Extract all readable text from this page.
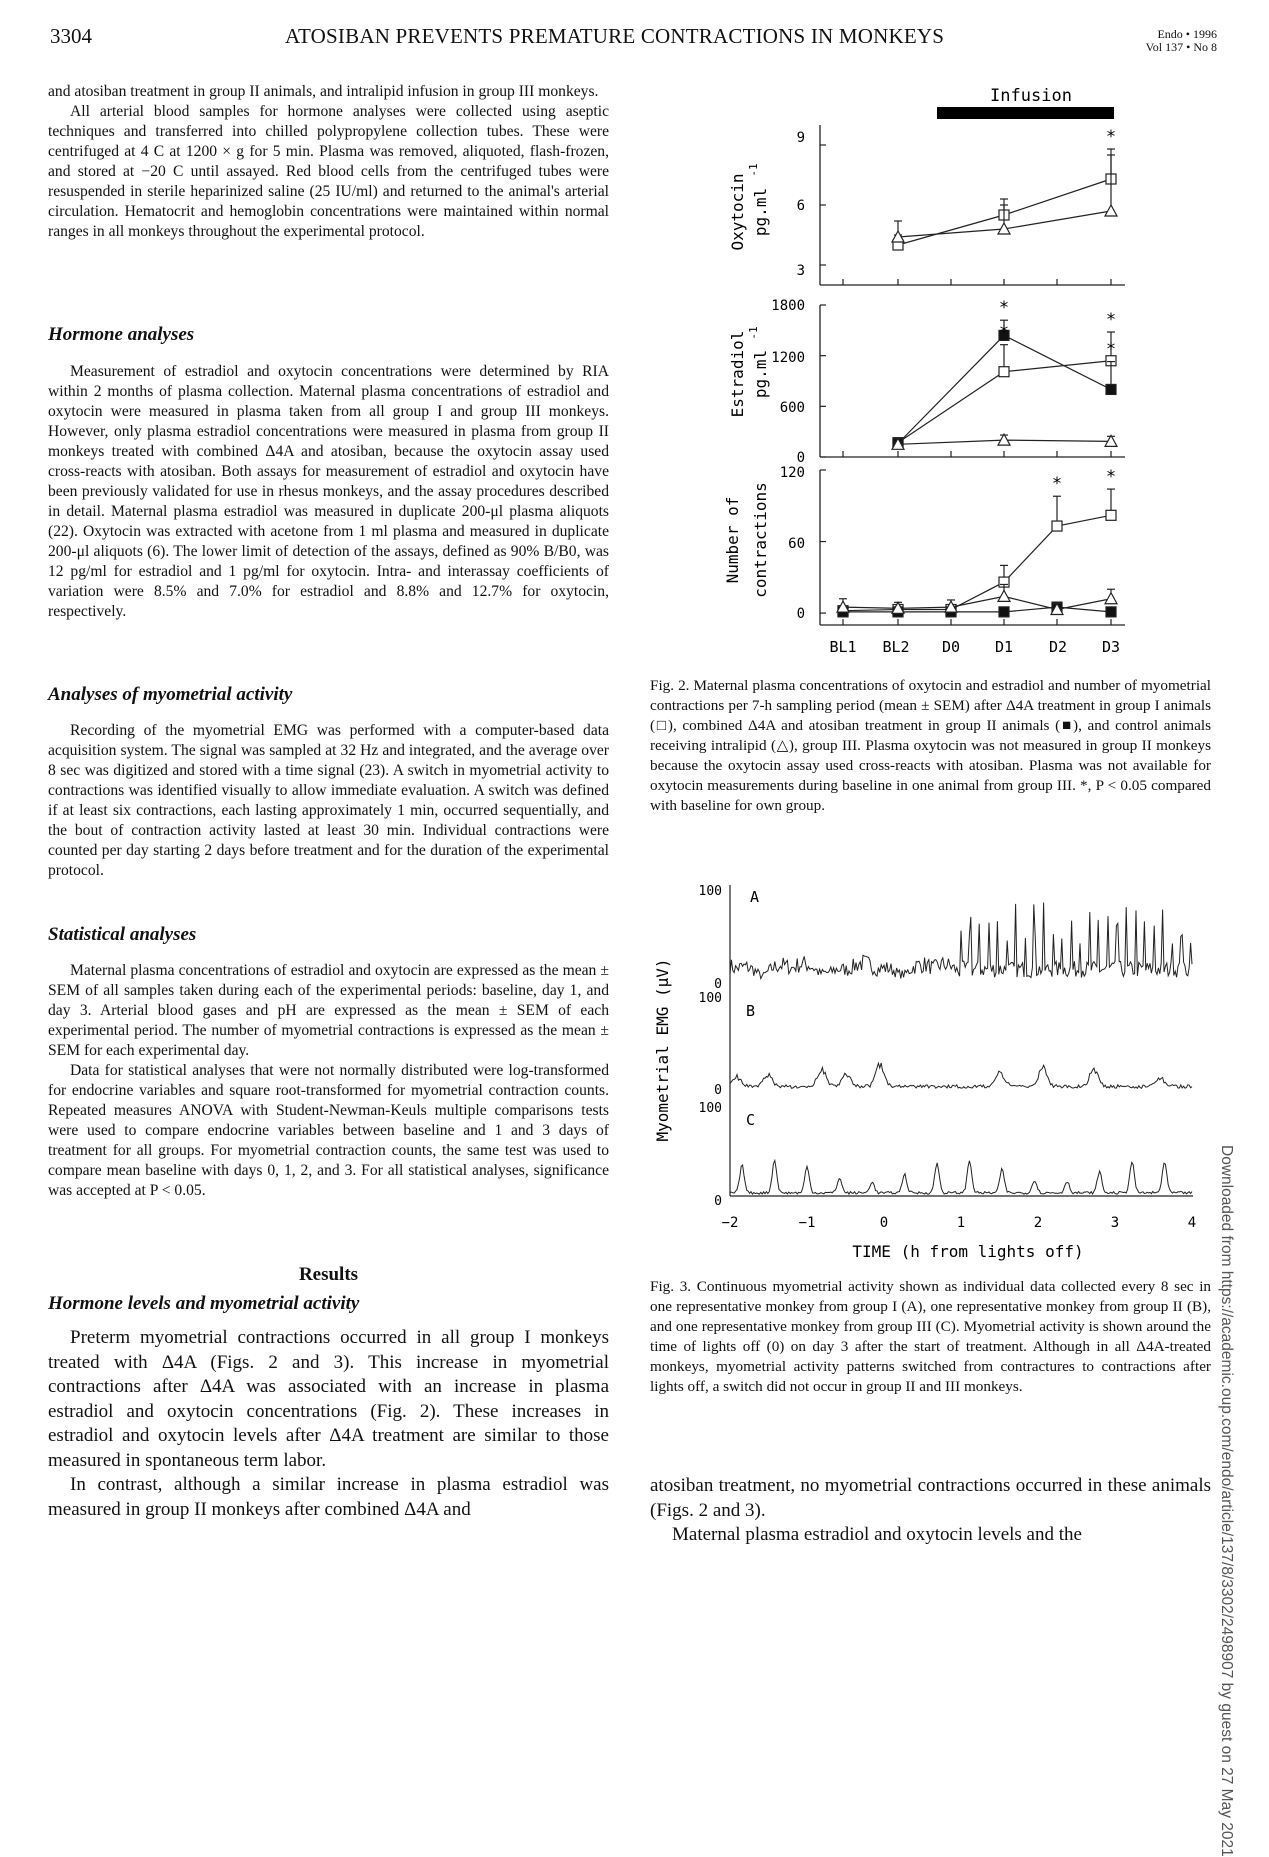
3304	ATOSIBAN PREVENTS PREMATURE CONTRACTIONS IN MONKEYS	Endo • 1996
Vol 137 • No 8

and atosiban treatment in group II animals, and intralipid infusion in group III monkeys.

All arterial blood samples for hormone analyses were collected using aseptic techniques and transferred into chilled polypropylene collection tubes. These were centrifuged at 4 C at 1200 × g for 5 min. Plasma was removed, aliquoted, flash-frozen, and stored at −20 C until assayed. Red blood cells from the centrifuged tubes were resuspended in sterile heparinized saline (25 IU/ml) and returned to the animal's arterial circulation. Hematocrit and hemoglobin concentrations were maintained within normal ranges in all monkeys throughout the experimental protocol.

Hormone analyses

Measurement of estradiol and oxytocin concentrations were determined by RIA within 2 months of plasma collection. Maternal plasma concentrations of estradiol and oxytocin were measured in plasma taken from all group I and group III monkeys. However, only plasma estradiol concentrations were measured in plasma from group II monkeys treated with combined Δ4A and atosiban, because the oxytocin assay used cross-reacts with atosiban. Both assays for measurement of estradiol and oxytocin have been previously validated for use in rhesus monkeys, and the assay procedures described in detail. Maternal plasma estradiol was measured in duplicate 200-μl plasma aliquots (22). Oxytocin was extracted with acetone from 1 ml plasma and measured in duplicate 200-μl aliquots (6). The lower limit of detection of the assays, defined as 90% B/B0, was 12 pg/ml for estradiol and 1 pg/ml for oxytocin. Intra- and interassay coefficients of variation were 8.5% and 7.0% for estradiol and 8.8% and 12.7% for oxytocin, respectively.

Analyses of myometrial activity

Recording of the myometrial EMG was performed with a computer-based data acquisition system. The signal was sampled at 32 Hz and integrated, and the average over 8 sec was digitized and stored with a time signal (23). A switch in myometrial activity to contractions was identified visually to allow immediate evaluation. A switch was defined if at least six contractions, each lasting approximately 1 min, occurred sequentially, and the bout of contraction activity lasted at least 30 min. Individual contractions were counted per day starting 2 days before treatment and for the duration of the experimental protocol.

Statistical analyses

Maternal plasma concentrations of estradiol and oxytocin are expressed as the mean ± SEM of all samples taken during each of the experimental periods: baseline, day 1, and day 3. Arterial blood gases and pH are expressed as the mean ± SEM of each experimental period. The number of myometrial contractions is expressed as the mean ± SEM for each experimental day.

Data for statistical analyses that were not normally distributed were log-transformed for endocrine variables and square root-transformed for myometrial contraction counts. Repeated measures ANOVA with Student-Newman-Keuls multiple comparisons tests were used to compare endocrine variables between baseline and 1 and 3 days of treatment for all groups. For myometrial contraction counts, the same test was used to compare mean baseline with days 0, 1, 2, and 3. For all statistical analyses, significance was accepted at P < 0.05.

Results
Hormone levels and myometrial activity

Preterm myometrial contractions occurred in all group I monkeys treated with Δ4A (Figs. 2 and 3). This increase in myometrial contractions after Δ4A was associated with an increase in plasma estradiol and oxytocin concentrations (Fig. 2). These increases in estradiol and oxytocin levels after Δ4A treatment are similar to those measured in spontaneous term labor.

In contrast, although a similar increase in plasma estradiol was measured in group II monkeys after combined Δ4A and

Infusion
Oxytocin pg.ml
-1
9
6
3
*
Estradiol pg.ml
-1
1800
1200
600
0
*
*
*
*
Number of contractions
120
60
0
*	*
BL1 BL2 D0 D1 D2 D3

Fig. 2. Maternal plasma concentrations of oxytocin and estradiol and number of myometrial contractions per 7-h sampling period (mean ± SEM) after Δ4A treatment in group I animals (□), combined Δ4A and atosiban treatment in group II animals (■), and control animals receiving intralipid (△), group III. Plasma oxytocin was not measured in group II monkeys because the oxytocin assay used cross-reacts with atosiban. Plasma was not available for oxytocin measurements during baseline in one animal from group III. *, P < 0.05 compared with baseline for own group.

Myometrial EMG (μV)
100
0
A
100
0
B
100
0
C
−2	−1	0	1	2	3	4
TIME (h from lights off)

Fig. 3. Continuous myometrial activity shown as individual data collected every 8 sec in one representative monkey from group I (A), one representative monkey from group II (B), and one representative monkey from group III (C). Myometrial activity is shown around the time of lights off (0) on day 3 after the start of treatment. Although in all Δ4A-treated monkeys, myometrial activity patterns switched from contractures to contractions after lights off, a switch did not occur in group II and III monkeys.

atosiban treatment, no myometrial contractions occurred in these animals (Figs. 2 and 3).

Maternal plasma estradiol and oxytocin levels and the	Downloaded from https://academic.oup.com/endo/article/137/8/3302/2498907 by guest on 27 May 2021
